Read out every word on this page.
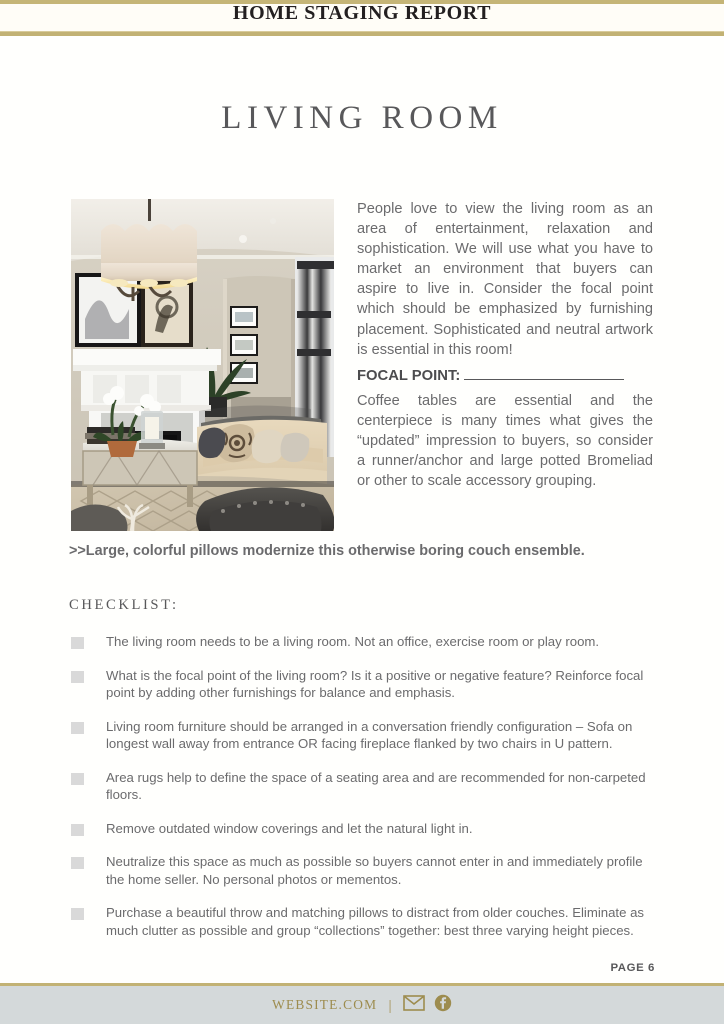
HOME STAGING REPORT
LIVING ROOM

People love to view the living room as an area of entertainment, relaxation and sophistication. We will use what you have to market an environment that buyers can aspire to live in. Consider the focal point which should be emphasized by furnishing placement. Sophisticated and neutral artwork is essential in this room!

FOCAL POINT:

Coffee tables are essential and the centerpiece is many times what gives the “updated” impression to buyers, so consider a runner/anchor and large potted Bromeliad or other to scale accessory grouping.

>>Large, colorful pillows modernize this otherwise boring couch ensemble.
CHECKLIST:
The living room needs to be a living room. Not an office, exercise room or play room.
What is the focal point of the living room? Is it a positive or negative feature? Reinforce focal point by adding other furnishings for balance and emphasis.
Living room furniture should be arranged in a conversation friendly configuration – Sofa on longest wall away from entrance OR facing fireplace flanked by two chairs in U pattern.
Area rugs help to define the space of a seating area and are recommended for non-carpeted floors.
Remove outdated window coverings and let the natural light in.
Neutralize this space as much as possible so buyers cannot enter in and immediately profile the home seller. No personal photos or mementos.
Purchase a beautiful throw and matching pillows to distract from older couches. Eliminate as much clutter as possible and group “collections” together: best three varying height pieces.
PAGE 6
WEBSITE.COM |
